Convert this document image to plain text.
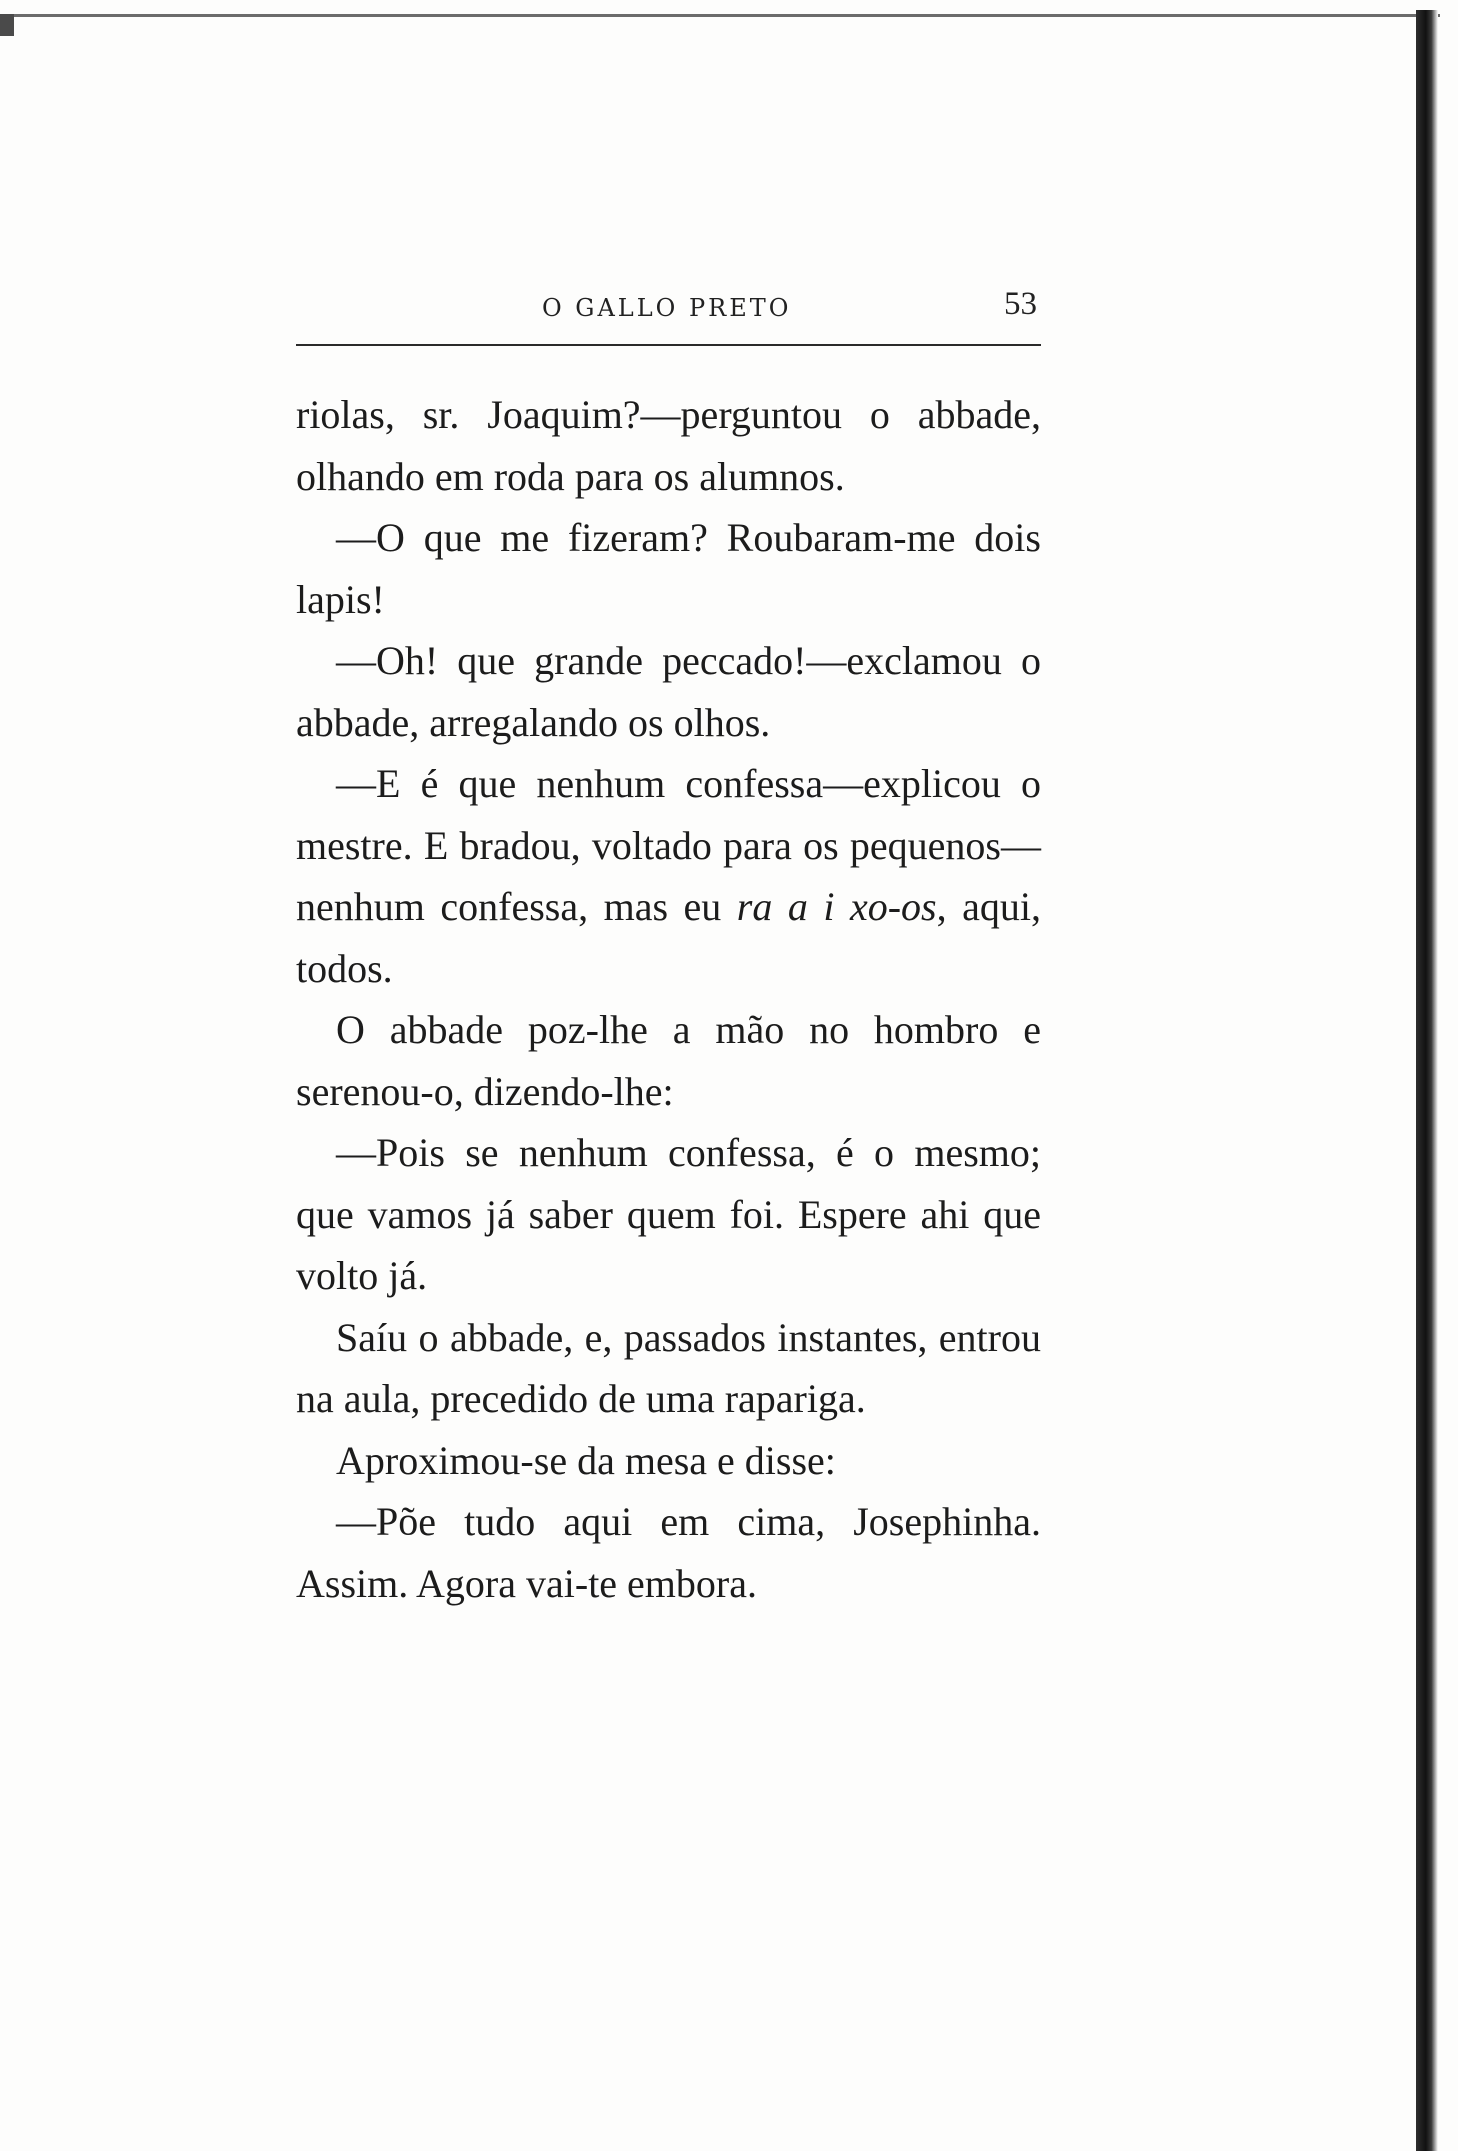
O GALLO PRETO	53

riolas, sr. Joaquim?—perguntou o abbade, olhando em roda para os alumnos.

—O que me fizeram? Roubaram-me dois lapis!

—Oh! que grande peccado!—exclamou o abbade, arregalando os olhos.

—E é que nenhum confessa—explicou o mestre. E bradou, voltado para os pequenos—nenhum confessa, mas eu ra a i xo-os, aqui, todos.

O abbade poz-lhe a mão no hombro e serenou-o, dizendo-lhe:

—Pois se nenhum confessa, é o mesmo; que vamos já saber quem foi. Espere ahi que volto já.

Saíu o abbade, e, passados instantes, entrou na aula, precedido de uma rapariga.

Aproximou-se da mesa e disse:

—Põe tudo aqui em cima, Josephinha. Assim. Agora vai-te embora.
